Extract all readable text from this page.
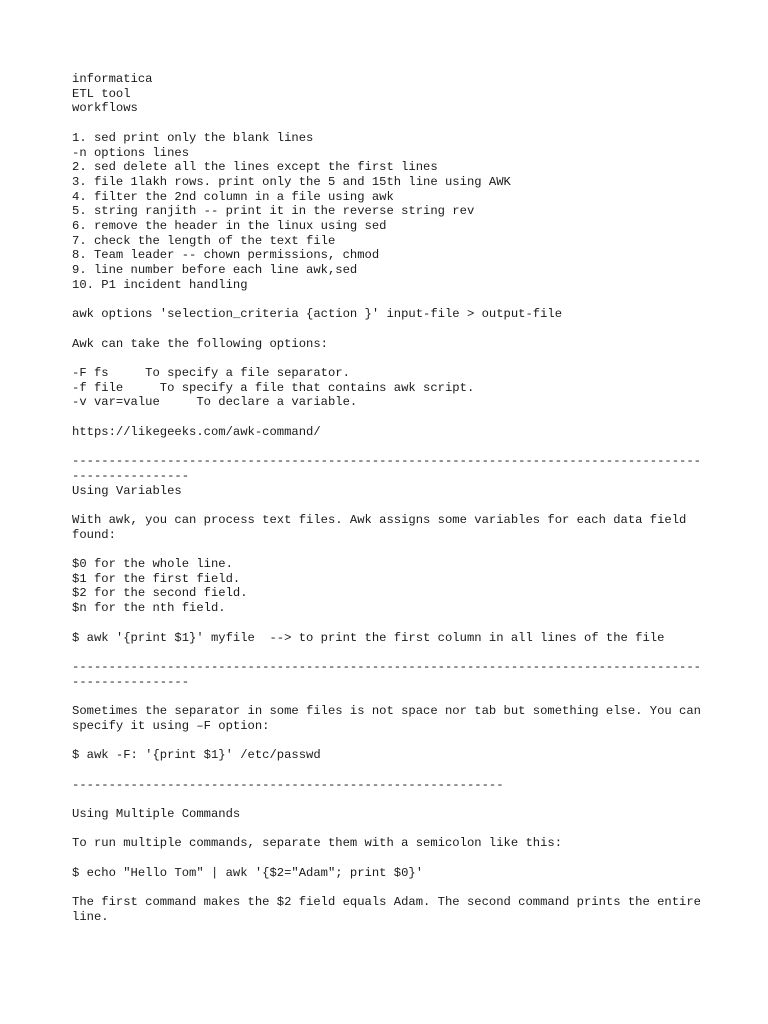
informatica
ETL tool
workflows
1. sed print only the blank lines
-n options lines
2. sed delete all the lines except the first lines
3. file 1lakh rows. print only the 5 and 15th line using AWK
4. filter the 2nd column in a file using awk
5. string ranjith -- print it in the reverse string rev
6. remove the header in the linux using sed
7. check the length of the text file
8. Team leader -- chown permissions, chmod
9. line number before each line awk,sed
10. P1 incident handling
awk options 'selection_criteria {action }' input-file > output-file
Awk can take the following options:
-F fs     To specify a file separator.
-f file     To specify a file that contains awk script.
-v var=value     To declare a variable.
https://likegeeks.com/awk-command/
--------------------------------------------------------------------------------------
----------------
Using Variables
With awk, you can process text files. Awk assigns some variables for each data field found:
$0 for the whole line.
$1 for the first field.
$2 for the second field.
$n for the nth field.
$ awk '{print $1}' myfile  --> to print the first column in all lines of the file
--------------------------------------------------------------------------------------
----------------
Sometimes the separator in some files is not space nor tab but something else. You can specify it using –F option:
$ awk -F: '{print $1}' /etc/passwd
-----------------------------------------------------------
Using Multiple Commands
To run multiple commands, separate them with a semicolon like this:
$ echo "Hello Tom" | awk '{$2="Adam"; print $0}'
The first command makes the $2 field equals Adam. The second command prints the entire line.
